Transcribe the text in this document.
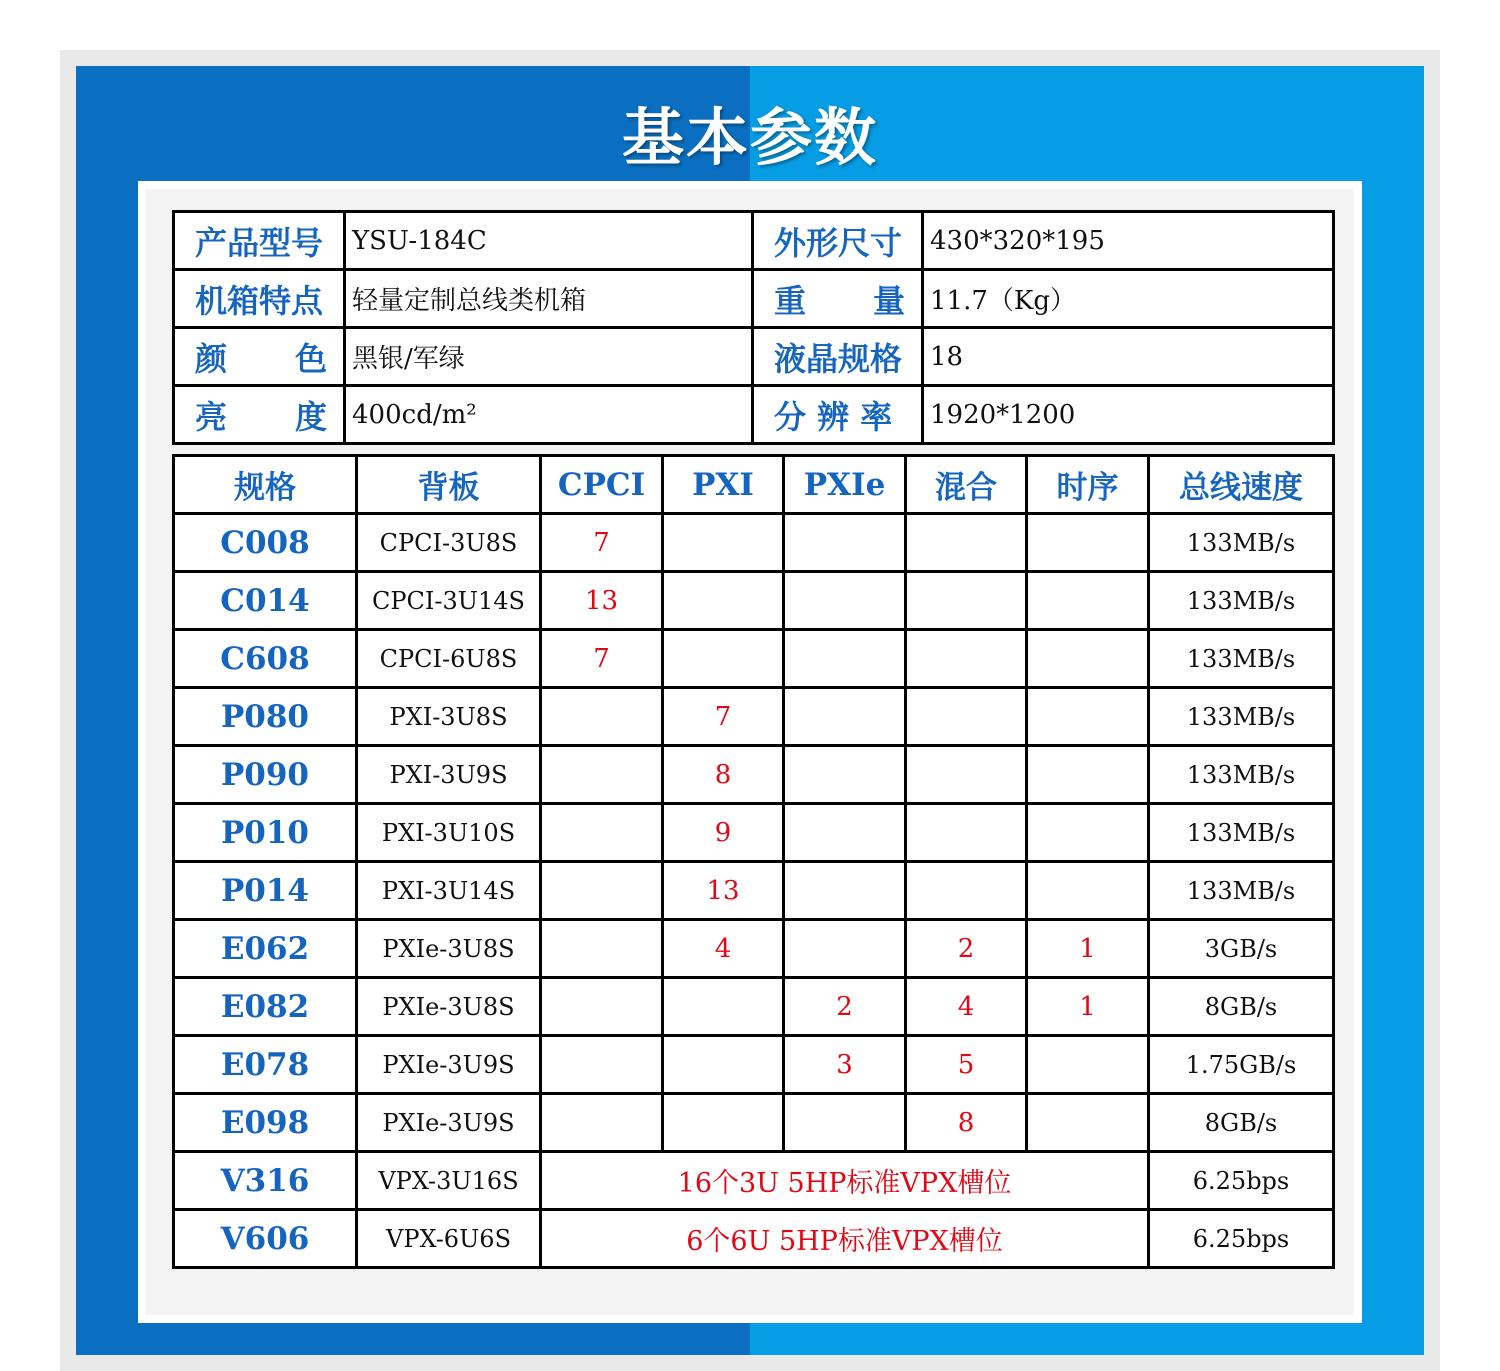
基本参数
产品型号	YSU-184C	外形尺寸	430*320*195
机箱特点	轻量定制总线类机箱	重 量	11.7（Kg）

颜 色	黑银/军绿	液晶规格	18

亮 度	400cd/m²	分 辨 率	1920*1200
规格	背板	CPCI	PXI	PXIe	混合	时序	总线速度
C008	CPCI-3U8S	7					133MB/s
C014	CPCI-3U14S	13					133MB/s
C608	CPCI-6U8S	7					133MB/s
P080	PXI-3U8S		7				133MB/s
P090	PXI-3U9S		8				133MB/s
P010	PXI-3U10S		9				133MB/s
P014	PXI-3U14S		13				133MB/s
E062	PXIe-3U8S		4		2	1	3GB/s
E082	PXIe-3U8S			2	4	1	8GB/s
E078	PXIe-3U9S			3	5		1.75GB/s
E098	PXIe-3U9S				8		8GB/s
V316	VPX-3U16S	16个3U 5HP标准VPX槽位					6.25bps
V606	VPX-6U6S	6个6U 5HP标准VPX槽位					6.25bps
